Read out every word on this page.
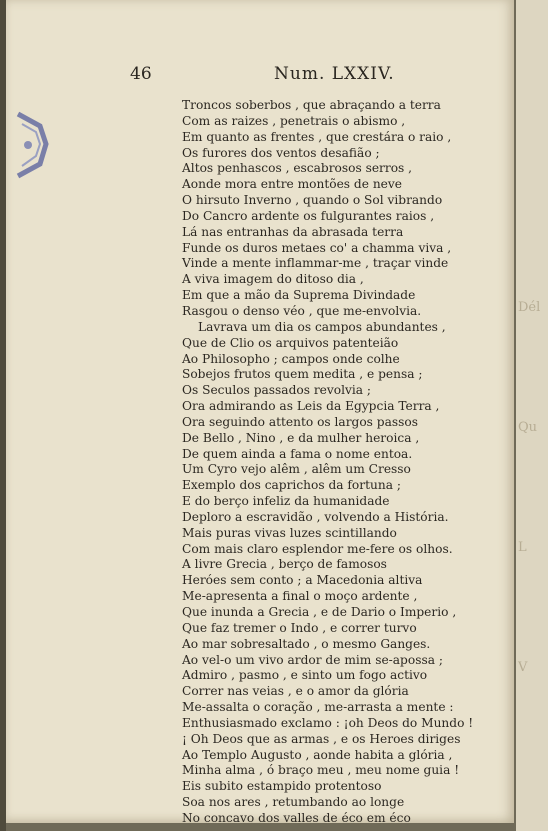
46	Num. LXXIV.
Troncos soberbos , que abraçando a terra
Com as raizes , penetrais o abismo ,
Em quanto as frentes , que crestára o raio ,
Os furores dos ventos desafião ;
Altos penhascos , escabrosos serros ,
Aonde mora entre montões de neve
O hirsuto Inverno , quando o Sol vibrando
Do Cancro ardente os fulgurantes raios ,
Lá nas entranhas da abrasada terra
Funde os duros metaes co' a chamma viva ,
Vinde a mente inflammar-me , traçar vinde
A viva imagem do ditoso dia ,
Em que a mão da Suprema Divindade
Rasgou o denso véo , que me-envolvia.
Lavrava um dia os campos abundantes ,
Que de Clio os arquivos patenteião
Ao Philosopho ; campos onde colhe
Sobejos frutos quem medita , e pensa ;
Os Seculos passados revolvia ;
Ora admirando as Leis da Egypcia Terra ,
Ora seguindo attento os largos passos
De Bello , Nino , e da mulher heroica ,
De quem ainda a fama o nome entoa.
Um Cyro vejo alêm , alêm um Cresso
Exemplo dos caprichos da fortuna ;
E do berço infeliz da humanidade
Deploro a escravidão , volvendo a História.
Mais puras vivas luzes scintillando
Com mais claro esplendor me-fere os olhos.
A livre Grecia , berço de famosos
Heróes sem conto ; a Macedonia altiva
Me-apresenta a final o moço ardente ,
Que inunda a Grecia , e de Dario o Imperio ,
Que faz tremer o Indo , e correr turvo
Ao mar sobresaltado , o mesmo Ganges.
Ao vel-o um vivo ardor de mim se-apossa ;
Admiro , pasmo , e sinto um fogo activo
Correr nas veias , e o amor da glória
Me-assalta o coração , me-arrasta a mente :
Enthusiasmado exclamo : ¡oh Deos do Mundo !
¡ Oh Deos que as armas , e os Heroes diriges
Ao Templo Augusto , aonde habita a glória ,
Minha alma , ó braço meu , meu nome guia !
Eis subito estampido protentoso
Soa nos ares , retumbando ao longe
No concavo dos valles de éco em éco
Dél
Qu
L
V
